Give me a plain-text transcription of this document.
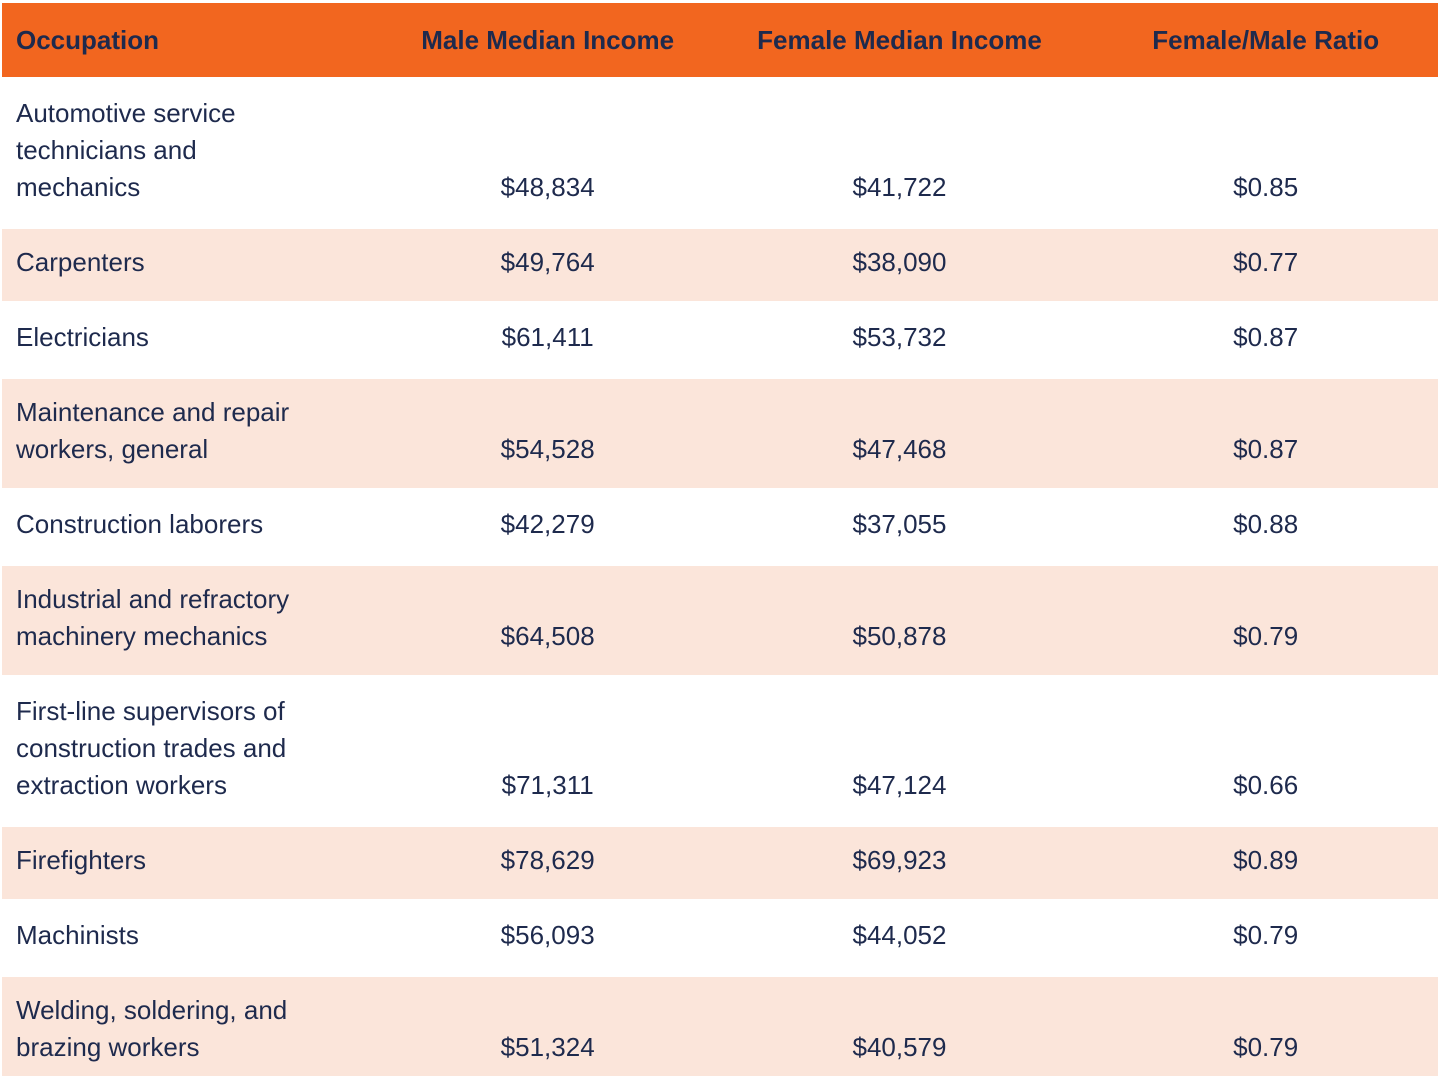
Occupation	Male Median Income	Female Median Income	Female/Male Ratio
Automotive service technicians and mechanics	$48,834	$41,722	$0.85
Carpenters	$49,764	$38,090	$0.77
Electricians	$61,411	$53,732	$0.87
Maintenance and repair workers, general	$54,528	$47,468	$0.87
Construction laborers	$42,279	$37,055	$0.88
Industrial and refractory machinery mechanics	$64,508	$50,878	$0.79
First-line supervisors of construction trades and extraction workers	$71,311	$47,124	$0.66
Firefighters	$78,629	$69,923	$0.89
Machinists	$56,093	$44,052	$0.79
Welding, soldering, and brazing workers	$51,324	$40,579	$0.79
